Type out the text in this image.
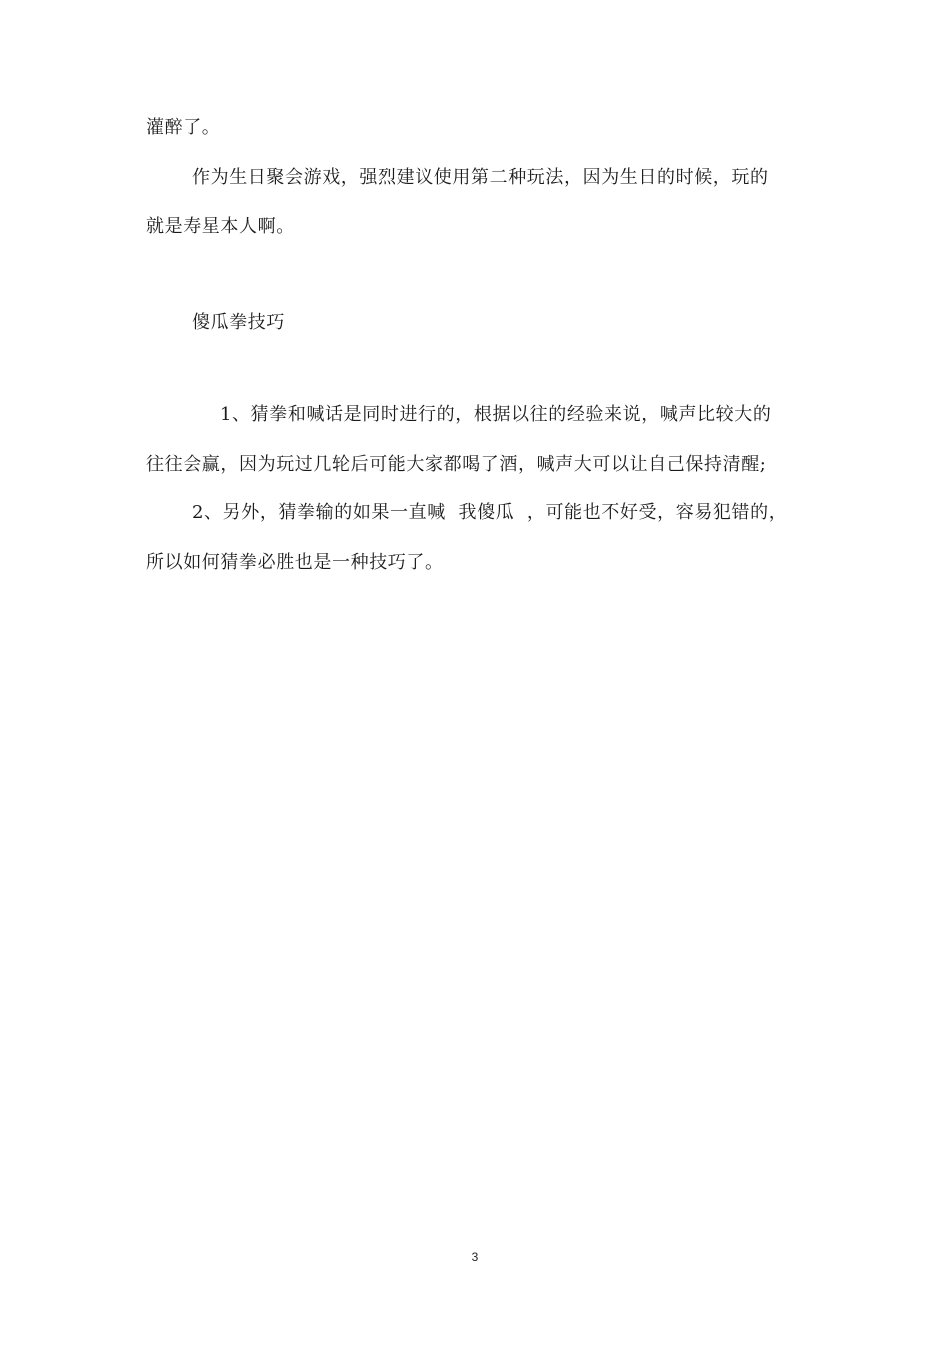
灌醉了。
作为生日聚会游戏，强烈建议使用第二种玩法，因为生日的时候，玩的
就是寿星本人啊。
傻瓜拳技巧
1、猜拳和喊话是同时进行的，根据以往的经验来说，喊声比较大的
往往会赢，因为玩过几轮后可能大家都喝了酒，喊声大可以让自己保持清醒;
2、另外，猜拳输的如果一直喊  我傻瓜  ，可能也不好受，容易犯错的，
所以如何猜拳必胜也是一种技巧了。
3
